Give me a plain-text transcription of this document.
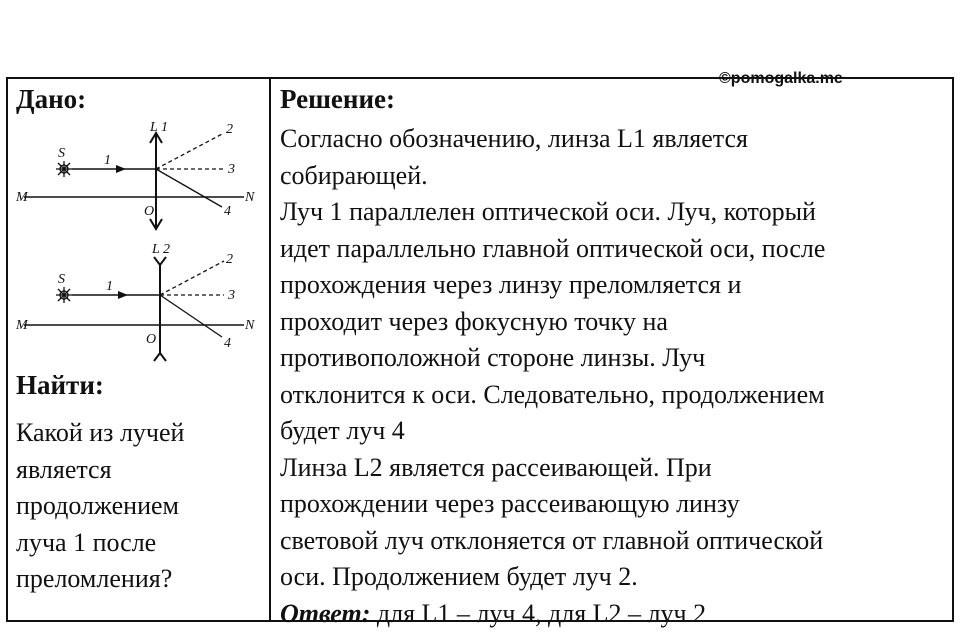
©pomogalka.me
Дано:
M	N
L 1
O
S	1
2
3
4
M	N
L 2
O
S	1
2
3
4
Найти:
Какой из лучей
является
продолжением
луча 1 после
преломления?
Решение:
Согласно обозначению, линза L1 является
собирающей.
Луч 1 параллелен оптической оси. Луч, который
идет параллельно главной оптической оси, после
прохождения через линзу преломляется и
проходит через фокусную точку на
противоположной стороне линзы. Луч
отклонится к оси. Следовательно, продолжением
будет луч 4
Линза L2 является рассеивающей. При
прохождении через рассеивающую линзу
световой луч отклоняется от главной оптической
оси. Продолжением будет луч 2.
Ответ: для L1 – луч 4, для L2 – луч 2
